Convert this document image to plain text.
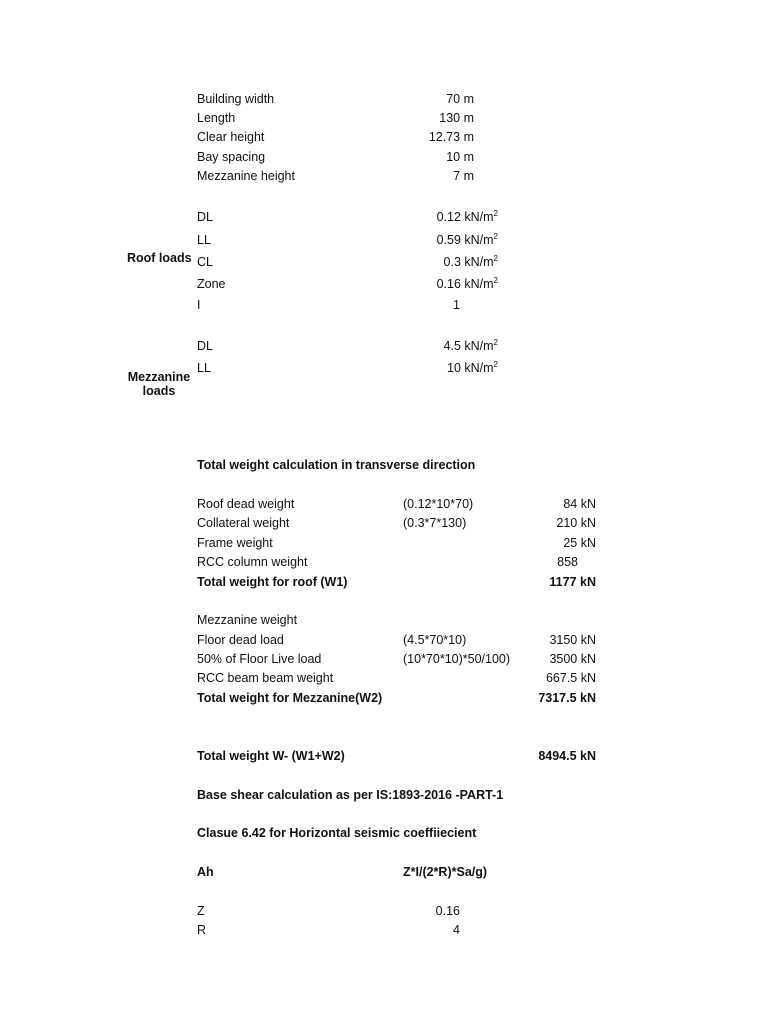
Building width	70 m
Length	130 m
Clear height	12.73 m
Bay spacing	10 m
Mezzanine height	7 m
Roof loads
DL	0.12 $kN/m^2$
LL	0.59 $kN/m^2$
CL	0.3 $kN/m^2$
Zone	0.16 $kN/m^2$
I	1
Mezzanine
loads
DL	4.5 $kN/m^2$
LL	10 $kN/m^2$
Total weight calculation in transverse direction
Roof dead weight	(0.12*10*70)	84 kN
Collateral weight	(0.3*7*130)	210 kN
Frame weight	25 kN
RCC column weight	858
Total weight for roof (W1)	1177 kN
Mezzanine weight
Floor dead load	(4.5*70*10)	3150 kN
50% of Floor Live load	(10*70*10)*50/100)	3500 kN
RCC beam beam weight	667.5 kN
Total weight for Mezzanine(W2)	7317.5 kN
Total weight W- (W1+W2)	8494.5 kN
Base shear calculation as per IS:1893-2016 -PART-1
Clasue 6.42 for Horizontal seismic coeffiiecient
Ah	Z*I/(2*R)*Sa/g)
Z	0.16
R	4
